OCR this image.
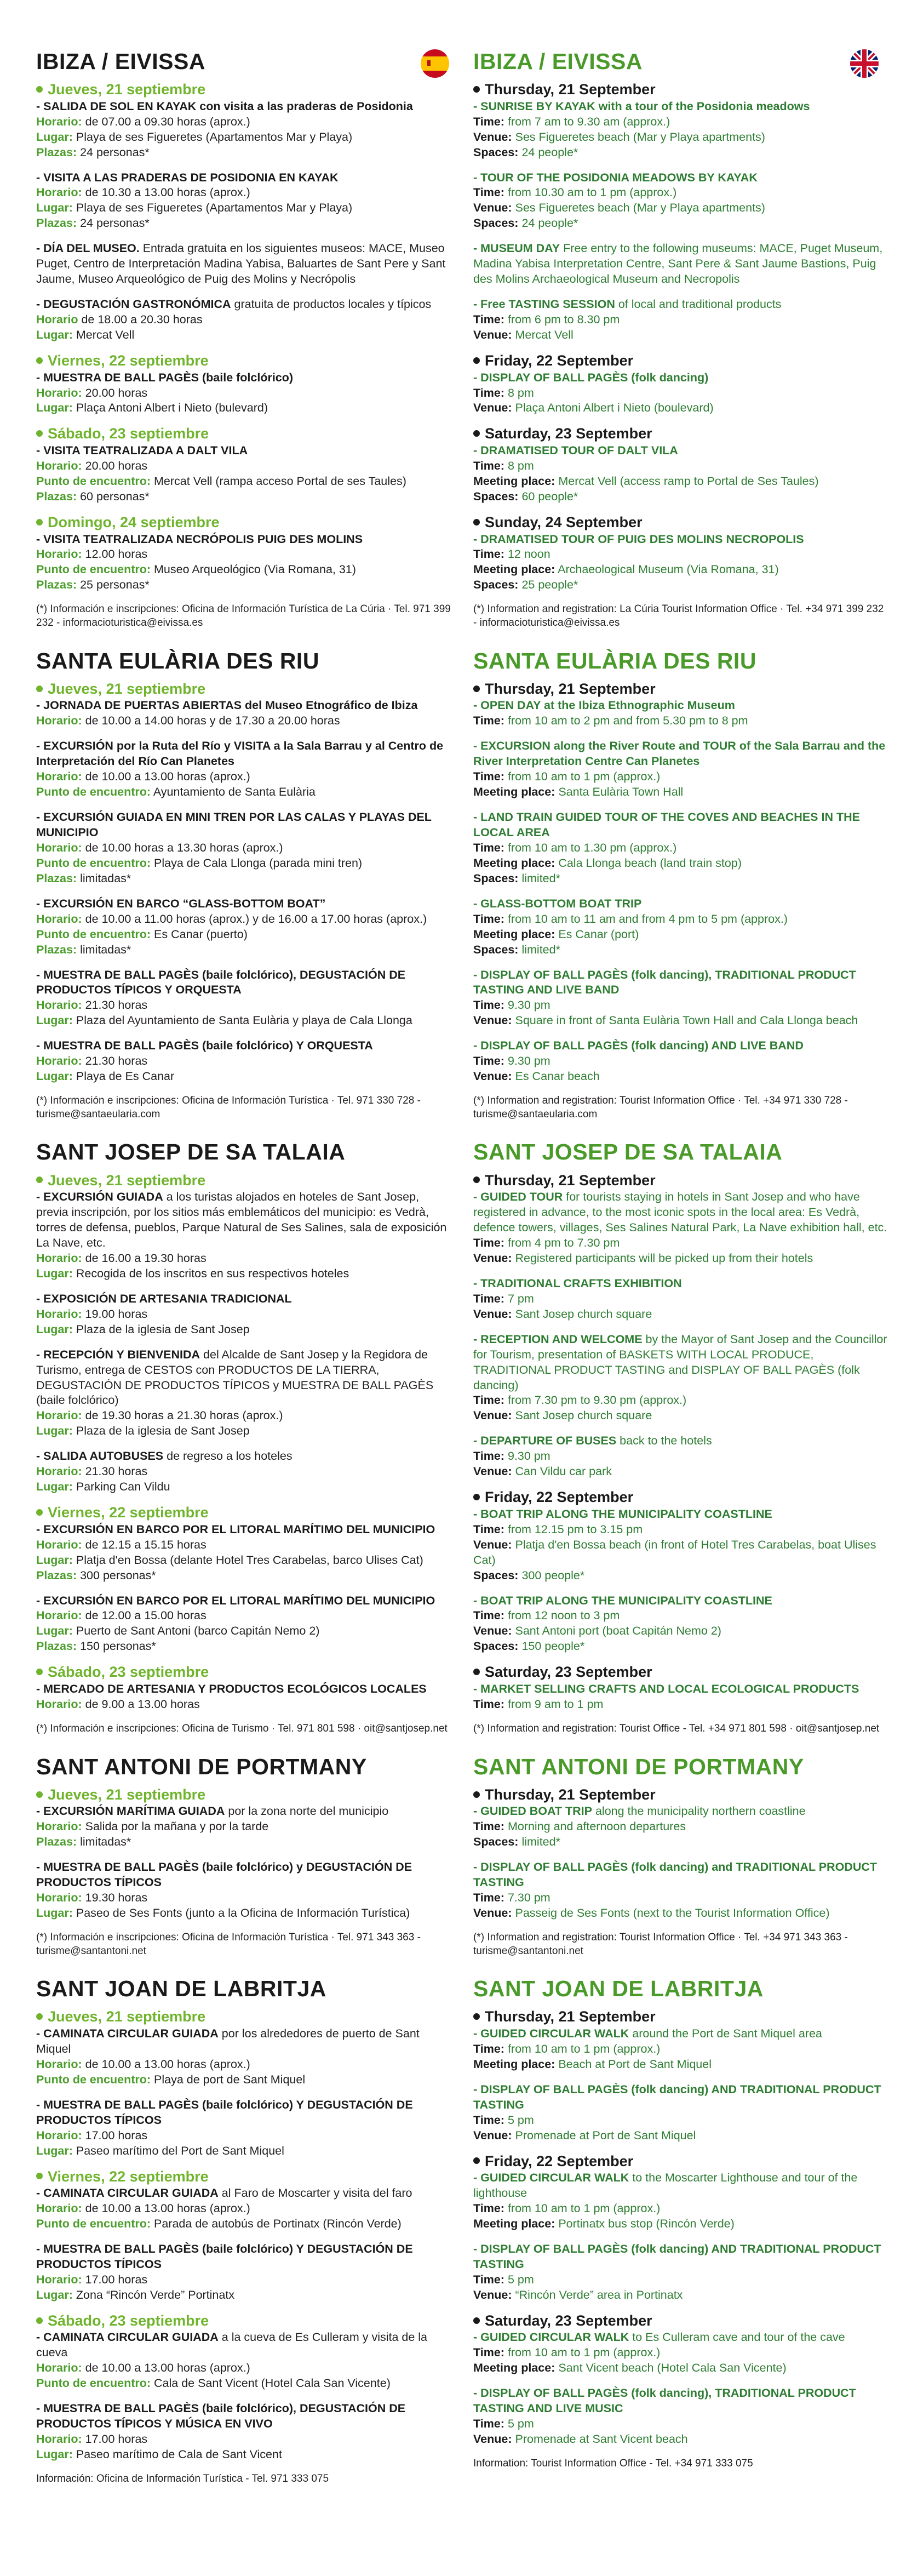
IBIZA / EIVISSA
Jueves, 21 septiembre

- SALIDA DE SOL EN KAYAK con visita a las praderas de Posidonia

Horario: de 07.00 a 09.30 horas (aprox.)

Lugar: Playa de ses Figueretes (Apartamentos Mar y Playa)

Plazas: 24 personas*

- VISITA A LAS PRADERAS DE POSIDONIA EN KAYAK

Horario: de 10.30 a 13.00 horas (aprox.)

Lugar: Playa de ses Figueretes (Apartamentos Mar y Playa)

Plazas: 24 personas*

- DÍA DEL MUSEO. Entrada gratuita en los siguientes museos: MACE, Museo Puget, Centro de Interpretación Madina Yabisa, Baluartes de Sant Pere y Sant Jaume, Museo Arqueológico de Puig des Molins y Necrópolis

- DEGUSTACIÓN GASTRONÓMICA gratuita de productos locales y típicos

Horario de 18.00 a 20.30 horas

Lugar: Mercat Vell

Viernes, 22 septiembre

- MUESTRA DE BALL PAGÈS (baile folclórico)

Horario: 20.00 horas

Lugar: Plaça Antoni Albert i Nieto (bulevard)

Sábado, 23 septiembre

- VISITA TEATRALIZADA A DALT VILA

Horario: 20.00 horas

Punto de encuentro: Mercat Vell (rampa acceso Portal de ses Taules)

Plazas: 60 personas*

Domingo, 24 septiembre

- VISITA TEATRALIZADA NECRÓPOLIS PUIG DES MOLINS

Horario: 12.00 horas

Punto de encuentro: Museo Arqueológico (Via Romana, 31)

Plazas: 25 personas*

(*) Información e inscripciones: Oficina de Información Turística de La Cúria · Tel. 971 399 232 - informacioturistica@eivissa.es

SANTA EULÀRIA DES RIU
Jueves, 21 septiembre

- JORNADA DE PUERTAS ABIERTAS del Museo Etnográfico de Ibiza

Horario: de 10.00 a 14.00 horas y de 17.30 a 20.00 horas

- EXCURSIÓN por la Ruta del Río y VISITA a la Sala Barrau y al Centro de Interpretación del Río Can Planetes

Horario: de 10.00 a 13.00 horas (aprox.)

Punto de encuentro: Ayuntamiento de Santa Eulària

- EXCURSIÓN GUIADA EN MINI TREN POR LAS CALAS Y PLAYAS DEL MUNICIPIO

Horario: de 10.00 horas a 13.30 horas (aprox.)

Punto de encuentro: Playa de Cala Llonga (parada mini tren)

Plazas: limitadas*

- EXCURSIÓN EN BARCO “GLASS-BOTTOM BOAT”

Horario: de 10.00 a 11.00 horas (aprox.) y de 16.00 a 17.00 horas (aprox.)

Punto de encuentro: Es Canar (puerto)

Plazas: limitadas*

- MUESTRA DE BALL PAGÈS (baile folclórico), DEGUSTACIÓN DE PRODUCTOS TÍPICOS Y ORQUESTA

Horario: 21.30 horas

Lugar: Plaza del Ayuntamiento de Santa Eulària y playa de Cala Llonga

- MUESTRA DE BALL PAGÈS (baile folclórico) Y ORQUESTA

Horario: 21.30 horas

Lugar: Playa de Es Canar

(*) Información e inscripciones: Oficina de Información Turística · Tel. 971 330 728 - turisme@santaeularia.com

SANT JOSEP DE SA TALAIA
Jueves, 21 septiembre

- EXCURSIÓN GUIADA a los turistas alojados en hoteles de Sant Josep, previa inscripción, por los sitios más emblemáticos del municipio: es Vedrà, torres de defensa, pueblos, Parque Natural de Ses Salines, sala de exposición La Nave, etc.

Horario: de 16.00 a 19.30 horas

Lugar: Recogida de los inscritos en sus respectivos hoteles

- EXPOSICIÓN DE ARTESANIA TRADICIONAL

Horario: 19.00 horas

Lugar: Plaza de la iglesia de Sant Josep

- RECEPCIÓN Y BIENVENIDA del Alcalde de Sant Josep y la Regidora de Turismo, entrega de CESTOS con PRODUCTOS DE LA TIERRA, DEGUSTACIÓN DE PRODUCTOS TÍPICOS y MUESTRA DE BALL PAGÈS (baile folclórico)

Horario: de 19.30 horas a 21.30 horas (aprox.)

Lugar: Plaza de la iglesia de Sant Josep

- SALIDA AUTOBUSES de regreso a los hoteles

Horario: 21.30 horas

Lugar: Parking Can Vildu

Viernes, 22 septiembre

- EXCURSIÓN EN BARCO POR EL LITORAL MARÍTIMO DEL MUNICIPIO

Horario: de 12.15 a 15.15 horas

Lugar: Platja d'en Bossa (delante Hotel Tres Carabelas, barco Ulises Cat)

Plazas: 300 personas*

- EXCURSIÓN EN BARCO POR EL LITORAL MARÍTIMO DEL MUNICIPIO

Horario: de 12.00 a 15.00 horas

Lugar: Puerto de Sant Antoni (barco Capitán Nemo 2)

Plazas: 150 personas*

Sábado, 23 septiembre

- MERCADO DE ARTESANIA Y PRODUCTOS ECOLÓGICOS LOCALES

Horario: de 9.00 a 13.00 horas

(*) Información e inscripciones: Oficina de Turismo · Tel. 971 801 598 · oit@santjosep.net

SANT ANTONI DE PORTMANY
Jueves, 21 septiembre

- EXCURSIÓN MARÍTIMA GUIADA por la zona norte del municipio

Horario: Salida por la mañana y por la tarde

Plazas: limitadas*

- MUESTRA DE BALL PAGÈS (baile folclórico) y DEGUSTACIÓN DE PRODUCTOS TÍPICOS

Horario: 19.30 horas

Lugar: Paseo de Ses Fonts (junto a la Oficina de Información Turística)

(*) Información e inscripciones: Oficina de Información Turística · Tel. 971 343 363 - turisme@santantoni.net

SANT JOAN DE LABRITJA
Jueves, 21 septiembre

- CAMINATA CIRCULAR GUIADA por los alrededores de puerto de Sant Miquel

Horario: de 10.00 a 13.00 horas (aprox.)

Punto de encuentro: Playa de port de Sant Miquel

- MUESTRA DE BALL PAGÈS (baile folclórico) Y DEGUSTACIÓN DE PRODUCTOS TÍPICOS

Horario: 17.00 horas

Lugar: Paseo marítimo del Port de Sant Miquel

Viernes, 22 septiembre

- CAMINATA CIRCULAR GUIADA al Faro de Moscarter y visita del faro

Horario: de 10.00 a 13.00 horas (aprox.)

Punto de encuentro: Parada de autobús de Portinatx (Rincón Verde)

- MUESTRA DE BALL PAGÈS (baile folclórico) Y DEGUSTACIÓN DE PRODUCTOS TÍPICOS

Horario: 17.00 horas

Lugar: Zona “Rincón Verde” Portinatx

Sábado, 23 septiembre

- CAMINATA CIRCULAR GUIADA a la cueva de Es Culleram y visita de la cueva

Horario: de 10.00 a 13.00 horas (aprox.)

Punto de encuentro: Cala de Sant Vicent (Hotel Cala San Vicente)

- MUESTRA DE BALL PAGÈS (baile folclórico), DEGUSTACIÓN DE PRODUCTOS TÍPICOS Y MÚSICA EN VIVO

Horario: 17.00 horas

Lugar: Paseo marítimo de Cala de Sant Vicent

Información: Oficina de Información Turística - Tel. 971 333 075

IBIZA / EIVISSA
Thursday, 21 September

- SUNRISE BY KAYAK with a tour of the Posidonia meadows

Time: from 7 am to 9.30 am (approx.)

Venue: Ses Figueretes beach (Mar y Playa apartments)

Spaces: 24 people*

- TOUR OF THE POSIDONIA MEADOWS BY KAYAK

Time: from 10.30 am to 1 pm (approx.)

Venue: Ses Figueretes beach (Mar y Playa apartments)

Spaces: 24 people*

- MUSEUM DAY Free entry to the following museums: MACE, Puget Museum, Madina Yabisa Interpretation Centre, Sant Pere & Sant Jaume Bastions, Puig des Molins Archaeological Museum and Necropolis

- Free TASTING SESSION of local and traditional products

Time: from 6 pm to 8.30 pm

Venue: Mercat Vell

Friday, 22 September

- DISPLAY OF BALL PAGÈS (folk dancing)

Time: 8 pm

Venue: Plaça Antoni Albert i Nieto (boulevard)

Saturday, 23 September

- DRAMATISED TOUR OF DALT VILA

Time: 8 pm

Meeting place: Mercat Vell (access ramp to Portal de Ses Taules)

Spaces: 60 people*

Sunday, 24 September

- DRAMATISED TOUR OF PUIG DES MOLINS NECROPOLIS

Time: 12 noon

Meeting place: Archaeological Museum (Via Romana, 31)

Spaces: 25 people*

(*) Information and registration: La Cúria Tourist Information Office · Tel. +34 971 399 232 - informacioturistica@eivissa.es

SANTA EULÀRIA DES RIU
Thursday, 21 September

- OPEN DAY at the Ibiza Ethnographic Museum

Time: from 10 am to 2 pm and from 5.30 pm to 8 pm

- EXCURSION along the River Route and TOUR of the Sala Barrau and the River Interpretation Centre Can Planetes

Time: from 10 am to 1 pm (approx.)

Meeting place: Santa Eulària Town Hall

- LAND TRAIN GUIDED TOUR OF THE COVES AND BEACHES IN THE LOCAL AREA

Time: from 10 am to 1.30 pm (approx.)

Meeting place: Cala Llonga beach (land train stop)

Spaces: limited*

- GLASS-BOTTOM BOAT TRIP

Time: from 10 am to 11 am and from 4 pm to 5 pm (approx.)

Meeting place: Es Canar (port)

Spaces: limited*

- DISPLAY OF BALL PAGÈS (folk dancing), TRADITIONAL PRODUCT TASTING AND LIVE BAND

Time: 9.30 pm

Venue: Square in front of Santa Eulària Town Hall and Cala Llonga beach

- DISPLAY OF BALL PAGÈS (folk dancing) AND LIVE BAND

Time: 9.30 pm

Venue: Es Canar beach

(*) Information and registration: Tourist Information Office · Tel. +34 971 330 728 - turisme@santaeularia.com

SANT JOSEP DE SA TALAIA
Thursday, 21 September

- GUIDED TOUR for tourists staying in hotels in Sant Josep and who have registered in advance, to the most iconic spots in the local area: Es Vedrà, defence towers, villages, Ses Salines Natural Park, La Nave exhibition hall, etc.

Time: from 4 pm to 7.30 pm

Venue: Registered participants will be picked up from their hotels

- TRADITIONAL CRAFTS EXHIBITION

Time: 7 pm

Venue: Sant Josep church square

- RECEPTION AND WELCOME by the Mayor of Sant Josep and the Councillor for Tourism, presentation of BASKETS WITH LOCAL PRODUCE, TRADITIONAL PRODUCT TASTING and DISPLAY OF BALL PAGÈS (folk dancing)

Time: from 7.30 pm to 9.30 pm (approx.)

Venue: Sant Josep church square

- DEPARTURE OF BUSES back to the hotels

Time: 9.30 pm

Venue: Can Vildu car park

Friday, 22 September

- BOAT TRIP ALONG THE MUNICIPALITY COASTLINE

Time: from 12.15 pm to 3.15 pm

Venue: Platja d'en Bossa beach (in front of Hotel Tres Carabelas, boat Ulises Cat)

Spaces: 300 people*

- BOAT TRIP ALONG THE MUNICIPALITY COASTLINE

Time: from 12 noon to 3 pm

Venue: Sant Antoni port (boat Capitán Nemo 2)

Spaces: 150 people*

Saturday, 23 September

- MARKET SELLING CRAFTS AND LOCAL ECOLOGICAL PRODUCTS

Time: from 9 am to 1 pm

(*) Information and registration: Tourist Office - Tel. +34 971 801 598 · oit@santjosep.net

SANT ANTONI DE PORTMANY
Thursday, 21 September

- GUIDED BOAT TRIP along the municipality northern coastline

Time: Morning and afternoon departures

Spaces: limited*

- DISPLAY OF BALL PAGÈS (folk dancing) and TRADITIONAL PRODUCT TASTING

Time: 7.30 pm

Venue: Passeig de Ses Fonts (next to the Tourist Information Office)

(*) Information and registration: Tourist Information Office · Tel. +34 971 343 363 - turisme@santantoni.net

SANT JOAN DE LABRITJA
Thursday, 21 September

- GUIDED CIRCULAR WALK around the Port de Sant Miquel area

Time: from 10 am to 1 pm (approx.)

Meeting place: Beach at Port de Sant Miquel

- DISPLAY OF BALL PAGÈS (folk dancing) AND TRADITIONAL PRODUCT TASTING

Time: 5 pm

Venue: Promenade at Port de Sant Miquel

Friday, 22 September

- GUIDED CIRCULAR WALK to the Moscarter Lighthouse and tour of the lighthouse

Time: from 10 am to 1 pm (approx.)

Meeting place: Portinatx bus stop (Rincón Verde)

- DISPLAY OF BALL PAGÈS (folk dancing) AND TRADITIONAL PRODUCT TASTING

Time: 5 pm

Venue: “Rincón Verde” area in Portinatx

Saturday, 23 September

- GUIDED CIRCULAR WALK to Es Culleram cave and tour of the cave

Time: from 10 am to 1 pm (approx.)

Meeting place: Sant Vicent beach (Hotel Cala San Vicente)

- DISPLAY OF BALL PAGÈS (folk dancing), TRADITIONAL PRODUCT TASTING AND LIVE MUSIC

Time: 5 pm

Venue: Promenade at Sant Vicent beach

Information: Tourist Information Office - Tel. +34 971 333 075
